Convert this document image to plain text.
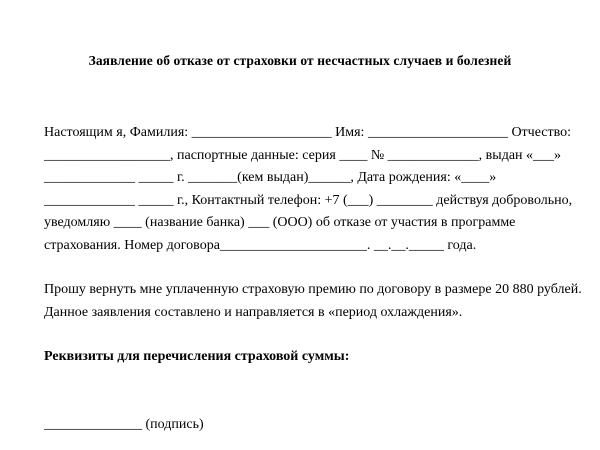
Заявление об отказе от страховки от несчастных случаев и болезней
Настоящим я, Фамилия: ____________________ Имя: ____________________ Отчество:
__________________, паспортные данные: серия ____ № _____________, выдан «___»
_____________ _____ г. _______(кем выдан)______, Дата рождения: «____»
_____________ _____ г., Контактный телефон: +7 (___) ________ действуя добровольно,
уведомляю ____ (название банка) ___ (ООО) об отказе от участия в программе
страхования. Номер договора_____________________. __.__._____ года.
Прошу вернуть мне уплаченную страховую премию по договору в размере 20 880 рублей.
Данное заявления составлено и направляется в «период охлаждения».
Реквизиты для перечисления страховой суммы:
______________ (подпись)
